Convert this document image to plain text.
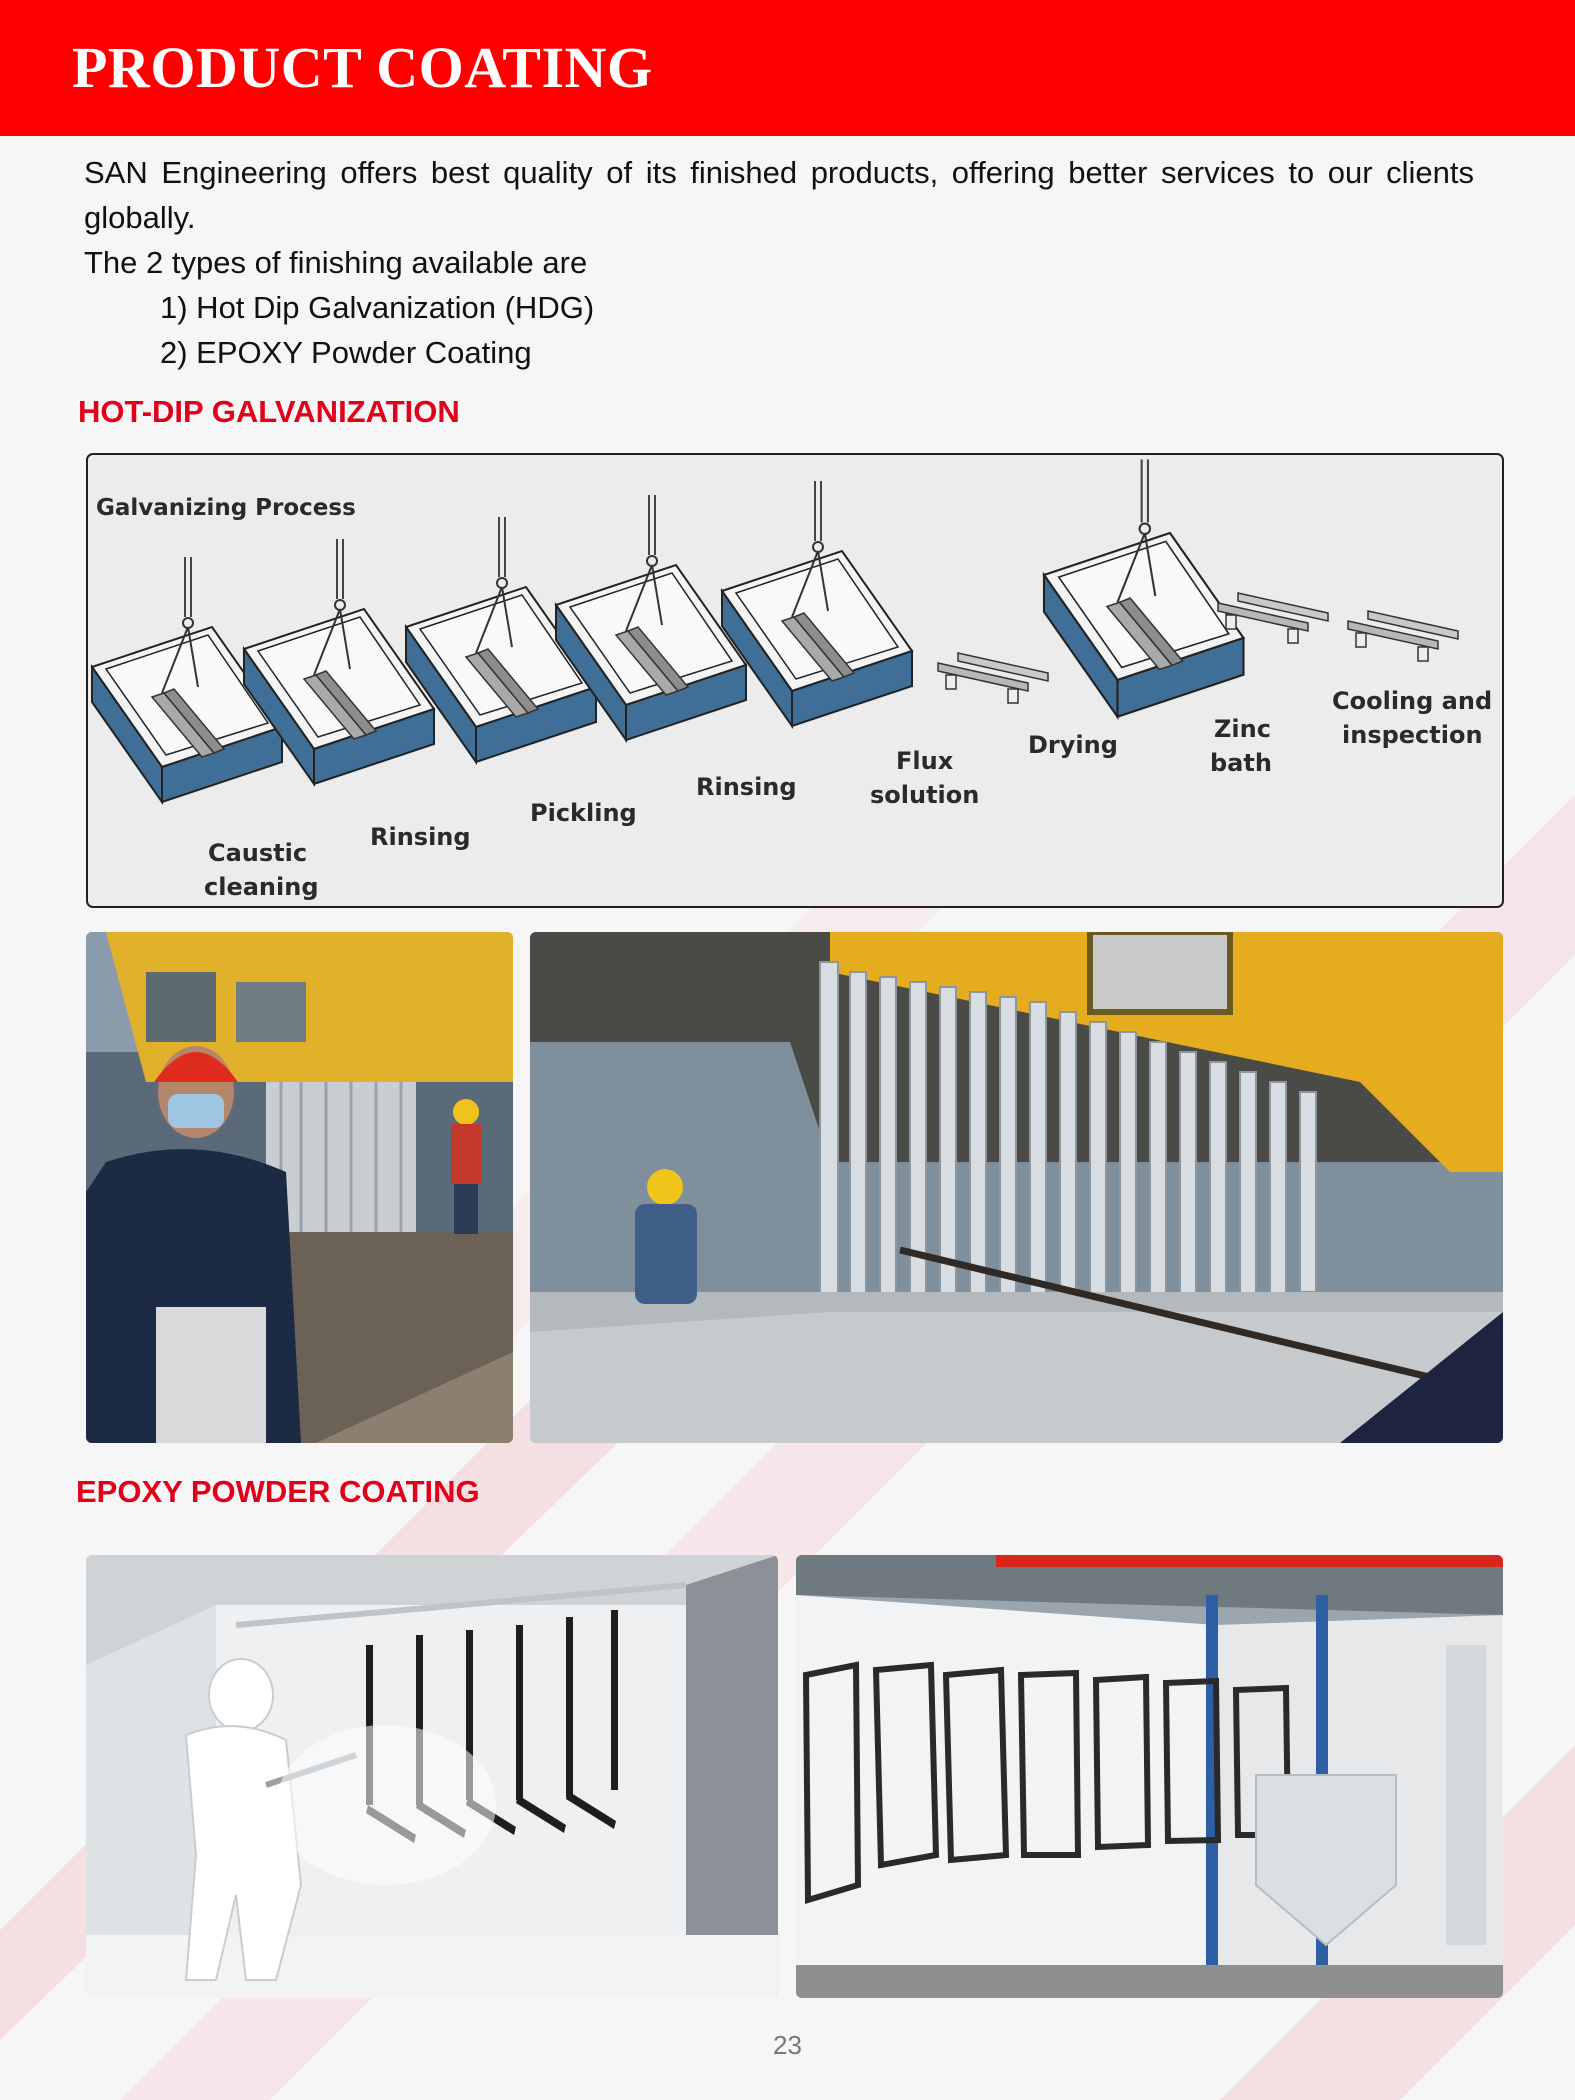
PRODUCT COATING

SAN Engineering offers best quality of its finished products, offering better services to our clients globally.

The 2 types of finishing available are

1) Hot Dip Galvanization (HDG)

2) EPOXY Powder Coating

HOT-DIP GALVANIZATION
Galvanizing Process
Caustic
cleaning
Rinsing
Pickling
Rinsing
Flux
solution
Drying
Zinc
bath
Cooling and
inspection
EPOXY POWDER COATING
23
